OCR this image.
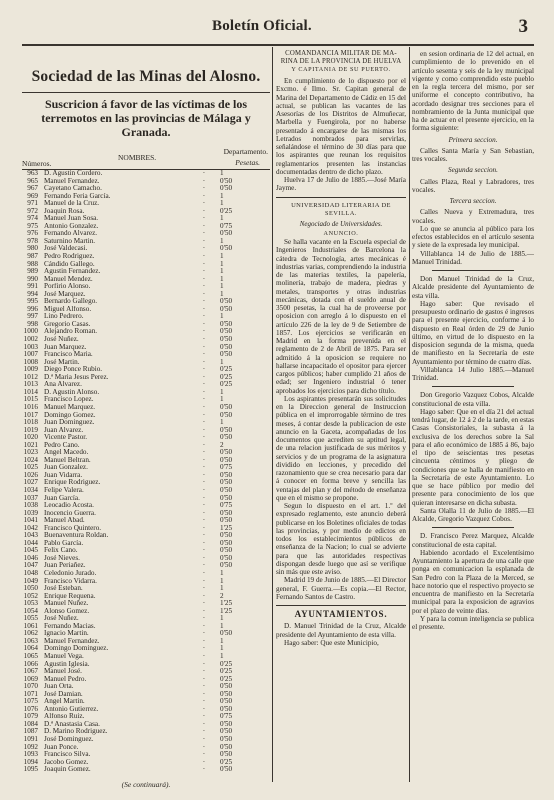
Boletín Oficial.	3
Sociedad de las Minas del Alosno.
Suscricion á favor de las víctimas de los terremotos en las provincias de Málaga y Granada.
Números.
NOMBRES.
Departamento.
Pesetas.
963 D. Agustin Cordero.	·	1
965 Manuel Fernandez.	·	0'50
967 Cayetano Camacho.	·	0'50
969 Fernando Feria García.	·	1
971 Manuel de la Cruz.	·	1
972 Joaquin Rosa.	·	0'25
974 Manuel Juan Sosa.	·	1
975 Antonio Gonzalez.	·	0'75
976 Fernando Alvarez.	·	0'50
978 Saturnino Martin.	·	1
980 José Valdecasi.	·	0'50
987 Pedro Rodriguez.	·	1
988 Cándido Gallego.	·	1
989 Agustin Fernandez.	·	1
990 Manuel Mendez.	·	1
991 Porfirio Alonso.	·	1
994 José Marquez.	·	1
995 Bernardo Gallego.	·	0'50
996 Miguel Alfonso.	·	0'50
997 Lino Pedrero.	·	1
998 Gregorio Casas.	·	0'50
1000 Alejandro Roman.	·	0'50
1002 José Nuñez.	·	0'50
1003 Juan Marquez.	·	0'50
1007 Francisco Maria.	·	0'50
1008 José Martin.	·	1
1009 Diego Ponce Rubio.	·	0'25
1012 D.ª Maria Jesus Perez.	·	0'25
1013 Ana Alvarez.	·	0'25
1014 D. Agustin Alonso.	·	1
1015 Francisco Lopez.	·	1
1016 Manuel Marquez.	·	0'50
1017 Domingo Gomez.	·	0'50
1018 Juan Dominguez.	·	1
1019 Juan Alvarez.	·	0'50
1020 Vicente Pastor.	·	0'50
1021 Pedro Cano.	·	2
1023 Angel Macedo.	·	0'50
1024 Manuel Beltran.	·	0'50
1025 Juan Gonzalez.	·	0'75
1026 Juan Vidarra.	·	0'50
1027 Enrique Rodriguez.	·	0'50
1034 Felipe Valera.	·	0'50
1037 Juan García.	·	0'50
1038 Leocadio Acosta.	·	0'75
1039 Inocencio Guerra.	·	0'50
1041 Manuel Abad.	·	0'50
1042 Francisco Quintero.	·	1'25
1043 Buenaventura Roldan.	·	0'50
1044 Pablo García.	·	0'50
1045 Felix Cano.	·	0'50
1046 José Nieves.	·	0'50
1047 Juan Periañez.	·	0'50
1048 Celedonio Jurado.	·	1
1049 Francisco Vidarra.	·	1
1050 José Esteban.	·	1
1052 Enrique Requena.	·	2
1053 Manuel Nuñez.	·	1'25
1054 Alonso Gomez.	·	1'25
1055 José Nuñez.	·	1
1061 Fernando Macias.	·	1
1062 Ignacio Martin.	·	0'50
1063 Manuel Fernandez.	·	1
1064 Domingo Dominguez.	·	1
1065 Manuel Vega.	·	1
1066 Agustin Iglesia.	·	0'25
1067 Manuel José.	·	0'25
1069 Manuel Pedro.	·	0'25
1070 Juan Orta.	·	0'50
1071 José Damian.	·	0'50
1075 Angel Martin.	·	0'50
1076 Antonio Gutierrez.	·	0'50
1079 Alfonso Ruiz.	·	0'75
1084 D.ª Anastasia Casa.	·	0'50
1087 D. Marino Rodriguez.	·	0'50
1091 José Dominguez.	·	0'50
1092 Juan Ponce.	·	0'50
1093 Francisco Silva.	·	0'50
1094 Jacobo Gomez.	·	0'25
1095 Joaquin Gomez.	·	0'50
(Se continuará).
COMANDANCIA MILITAR DE MA-
RINA DE LA PROVINCIA DE HUELVA
Y CAPITANIA DE SU PUERTO.

En cumplimiento de lo dispuesto por el Excmo. é Ilmo. Sr. Capitan general de Marina del Departamento de Cádiz en 15 del actual, se publican las vacantes de las Asesorías de los Distritos de Almuñecar, Marbella y Fuengirola, por no haberse presentado á encargarse de las mismas los Letrados nombrados para servirlas, señalándose el término de 30 días para que los aspirantes que reunan los requisitos reglamentarios presenten las instancias documentadas dentro de dicho plazo.

Huelva 17 de Julio de 1885.—José María Jayme.

UNIVERSIDAD LITERARIA DE
SEVILLA.
Negociado de Universidades.
ANUNCIO.

Se halla vacante en la Escuela especial de Ingenieros Industriales de Barcelona la cátedra de Tecnología, artes mecánicas é industrias varias, comprendiendo la industria de las materias textiles, la papelería, molinería, trabajo de madera, piedras y metales, transportes y otras industrias mecánicas, dotada con el sueldo anual de 3500 pesetas, la cual ha de proveerse por oposicion con arreglo á lo dispuesto en el artículo 226 de la ley de 9 de Setiembre de 1857. Los ejercicios se verificarán en Madrid en la forma prevenida en el reglamento de 2 de Abril de 1875. Para ser admitido á la oposicion se requiere no hallarse incapacitado el opositor para ejercer cargos públicos; haber cumplido 21 años de edad; ser Ingeniero industrial ó tener aprobados los ejercicios para dicho título.

Los aspirantes presentarán sus solicitudes en la Direccion general de Instruccion pública en el improrrogable término de tres meses, á contar desde la publicacion de este anuncio en la Gaceta, acompañadas de los documentos que acrediten su aptitud legal, de una relacion justificada de sus méritos y servicios y de un programa de la asignatura dividido en lecciones, y precedido del razonamiento que se crea necesario para dar á conocer en forma breve y sencilla las ventajas del plan y del método de enseñanza que en el mismo se propone.

Segun lo dispuesto en el art. 1.º del expresado reglamento, este anuncio deberá publicarse en los Boletines oficiales de todas las provincias, y por medio de edictos en todos los establecimientos públicos de enseñanza de la Nacion; lo cual se advierte para que las autoridades respectivas dispongan desde luego que así se verifique sin más que este aviso.

Madrid 19 de Junio de 1885.—El Director general, F. Guerra.—Es copia.—El Rector, Fernando Santos de Castro.

AYUNTAMIENTOS.

D. Manuel Trinidad de la Cruz, Alcalde presidente del Ayuntamiento de esta villa.

Hago saber: Que este Municipio,

en sesion ordinaria de 12 del actual, en cumplimiento de lo prevenido en el artículo sesenta y seis de la ley municipal vigente y como comprendido este pueblo en la regla tercera del mismo, por ser uniforme el concepto contributivo, ha acordado designar tres secciones para el nombramiento de la Junta municipal que ha de actuar en el presente ejercicio, en la forma siguiente:

Primera seccion.

Calles Santa María y San Sebastian, tres vocales.

Segunda seccion.

Calles Plaza, Real y Labradores, tres vocales.

Tercera seccion.

Calles Nueva y Extremadura, tres vocales.

Lo que se anuncia al público para los efectos establecidos en el artículo sesenta y siete de la expresada ley municipal.

Villablanca 14 de Julio de 1885.—Manuel Trinidad.

Don Manuel Trinidad de la Cruz, Alcalde presidente del Ayuntamiento de esta villa.

Hago saber: Que revisado el presupuesto ordinario de gastos é ingresos para el presente ejercicio, conforme á lo dispuesto en Real órden de 29 de Junio último, en virtud de lo dispuesto en la disposicion segunda de la misma, queda de manifiesto en la Secretaría de este Ayuntamiento por término de cuatro días.

Villablanca 14 Julio 1885.—Manuel Trinidad.

Don Gregorio Vazquez Cobos, Alcalde constitucional de esta villa.

Hago saber: Que en el día 21 del actual tendrá lugar, de 12 á 2 de la tarde, en estas Casas Consistoriales, la subasta á la exclusiva de los derechos sobre la Sal para el año económico de 1885 á 86, bajo el tipo de seiscientas tres pesetas cincuenta céntimos y pliego de condiciones que se halla de manifiesto en la Secretaría de este Ayuntamiento. Lo que se hace público por medio del presente para conocimiento de los que quieran interesarse en dicha subasta.

Santa Olalla 11 de Julio de 1885.—El Alcalde, Gregorio Vazquez Cobos.

D. Francisco Perez Marquez, Alcalde constitucional de esta capital.

Habiendo acordado el Excelentísimo Ayuntamiento la apertura de una calle que ponga en comunicacion la esplanada de San Pedro con la Plaza de la Merced, se hace notorio que el respectivo proyecto se encuentra de manifiesto en la Secretaría municipal para la exposicion de agravios por el plazo de veinte días.

Y para la comun inteligencia se publica el presente.
